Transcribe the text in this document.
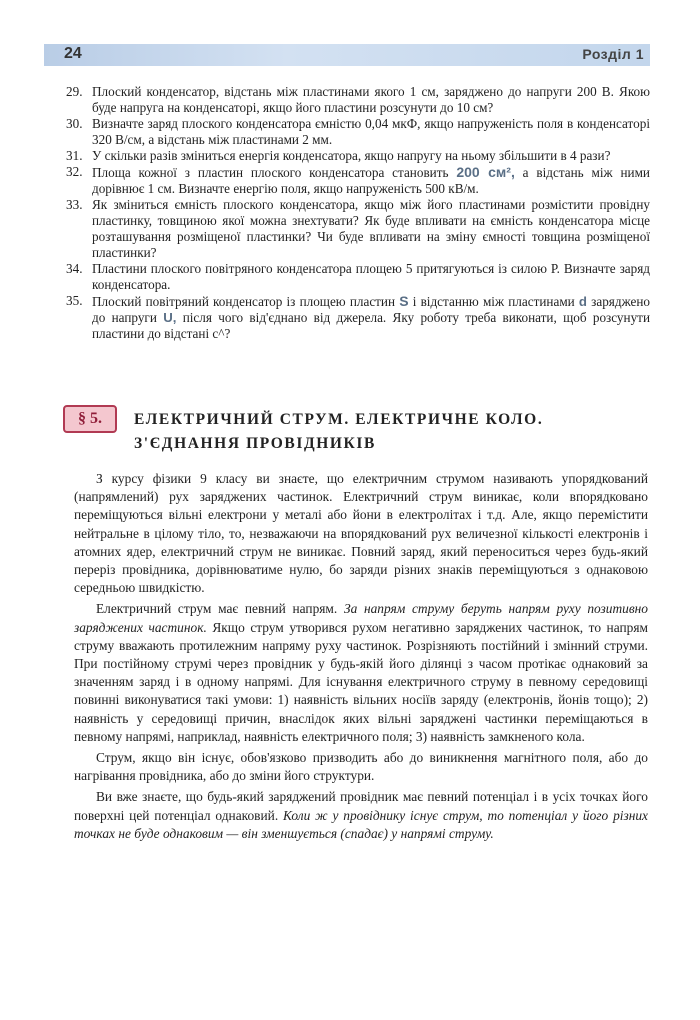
24	Розділ 1
29. Плоский конденсатор, відстань між пластинами якого 1 см, заряджено до напруги 200 В. Якою буде напруга на конденсаторі, якщо його пластини розсунути до 10 см?
30. Визначте заряд плоского конденсатора ємністю 0,04 мкФ, якщо напруженість поля в конденсаторі 320 В/см, а відстань між пластинами 2 мм.
31. У скільки разів зміниться енергія конденсатора, якщо напругу на ньому збільшити в 4 рази?
32. Площа кожної з пластин плоского конденсатора становить 200 см², а відстань між ними дорівнює 1 см. Визначте енергію поля, якщо напруженість 500 кВ/м.
33. Як зміниться ємність плоского конденсатора, якщо між його пластинами розмістити провідну пластинку, товщиною якої можна знехтувати? Як буде впливати на ємність конденсатора місце розташування розміщеної пластинки? Чи буде впливати на зміну ємності товщина розміщеної пластинки?
34. Пластини плоского повітряного конденсатора площею 5 притягуються із силою Р. Визначте заряд конденсатора.
35. Плоский повітряний конденсатор із площею пластин S і відстанню між пластинами d заряджено до напруги U, після чого від'єднано від джерела. Яку роботу треба виконати, щоб розсунути пластини до відстані с^?
§ 5.	ЕЛЕКТРИЧНИЙ СТРУМ. ЕЛЕКТРИЧНЕ КОЛО.
З'ЄДНАННЯ ПРОВІДНИКІВ

З курсу фізики 9 класу ви знаєте, що електричним струмом називають упорядкований (напрямлений) рух заряджених частинок. Електричний струм виникає, коли впорядковано переміщуються вільні електрони у металі або йони в електролітах і т.д. Але, якщо перемістити нейтральне в цілому тіло, то, незважаючи на впорядкований рух величезної кількості електронів і атомних ядер, електричний струм не виникає. Повний заряд, який переноситься через будь-який переріз провідника, дорівнюватиме нулю, бо заряди різних знаків переміщуються з однаковою середньою швидкістю.

Електричний струм має певний напрям. За напрям струму беруть напрям руху позитивно заряджених частинок. Якщо струм утворився рухом негативно заряджених частинок, то напрям струму вважають протилежним напряму руху частинок. Розрізняють постійний і змінний струми. При постійному струмі через провідник у будь-якій його ділянці з часом протікає однаковий за значенням заряд і в одному напрямі. Для існування електричного струму в певному середовищі повинні виконуватися такі умови: 1) наявність вільних носіїв заряду (електронів, йонів тощо); 2) наявність у середовищі причин, внаслідок яких вільні заряджені частинки переміщаються в певному напрямі, наприклад, наявність електричного поля; 3) наявність замкненого кола.

Струм, якщо він існує, обов'язково призводить або до виникнення магнітного поля, або до нагрівання провідника, або до зміни його структури.

Ви вже знаєте, що будь-який заряджений провідник має певний потенціал і в усіх точках його поверхні цей потенціал однаковий. Коли ж у провіднику існує струм, то потенціал у його різних точках не буде однаковим — він зменшується (спадає) у напрямі струму.
